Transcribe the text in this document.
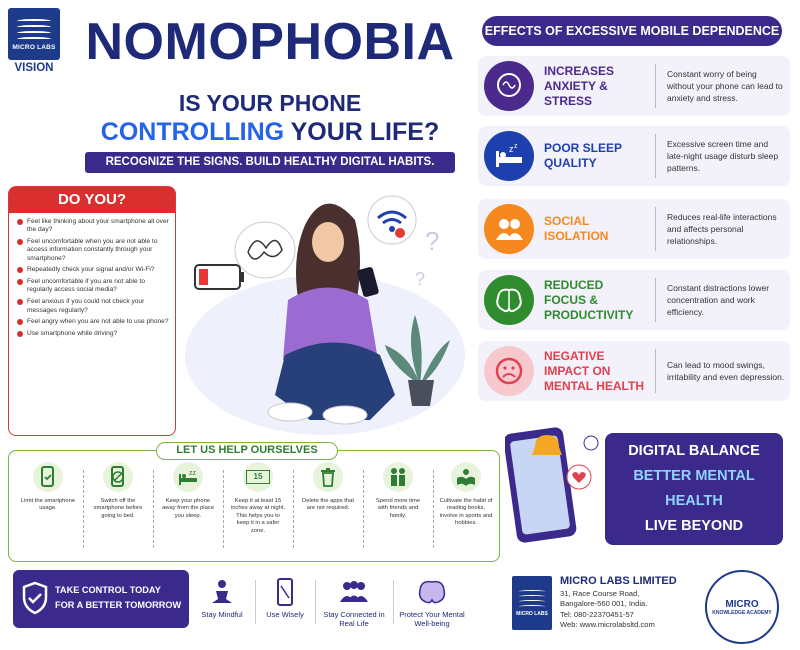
MICRO LABS
VISION NOMOPHOBIA
IS YOUR PHONE
CONTROLLING YOUR LIFE?
RECOGNIZE THE SIGNS. BUILD HEALTHY DIGITAL HABITS.
DO YOU?
Feel like thinking about your smartphone all over the day?
Feel uncomfortable when you are not able to access information constantly through your smartphone?
Repeatedly check your signal and/or Wi-Fi?
Feel uncomfortable if you are not able to regularly access social media?
Feel anxious if you could not check your messages regularly?
Feel angry when you are not able to use phone?
Use smartphone while driving?
?
?
EFFECTS OF EXCESSIVE MOBILE DEPENDENCE
INCREASES ANXIETY & STRESS
Constant worry of being without your phone can lead to anxiety and stress.
z z POOR SLEEP QUALITY
Excessive screen time and late-night usage disturb sleep patterns.
SOCIAL ISOLATION
Reduces real-life interactions and affects personal relationships.
REDUCED FOCUS & PRODUCTIVITY
Constant distractions lower concentration and work efficiency.
NEGATIVE IMPACT ON MENTAL HEALTH
Can lead to mood swings, irritability and even depression.
LET US HELP OURSELVES
Limit the smartphone usage.
Switch off the smartphone before going to bed.
zz
Keep your phone away from the place you sleep.
15
Keep it at least 15 inches away at night. This helps you to keep it in a safer zone.
Delete the apps that are not required.
Spend more time with friends and family.
Cultivate the habit of reading books, involve in sports and hobbies.
DIGITAL BALANCE
BETTER MENTAL HEALTH
LIVE BEYOND
THE SCREEN
TAKE CONTROL TODAY
FOR A BETTER TOMORROW
Stay Mindful	Use Wisely	Stay Connected in Real Life
Protect Your Mental Well-being
MICRO LABS
MICRO LABS LIMITED
31, Race Course Road,
Bangalore-560 001, India.
Tel: 080-22370451-57
Web: www.microlabsltd.com
MICRO
KNOWLEDGE ACADEMY
